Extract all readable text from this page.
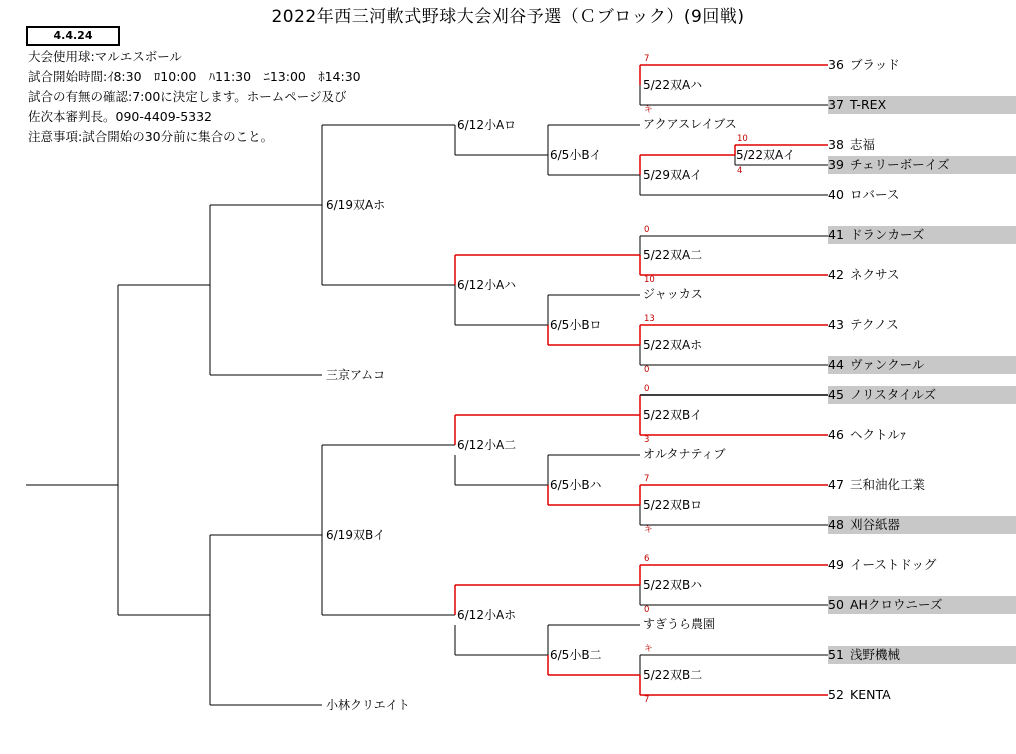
2022年西三河軟式野球大会刈谷予選（Ｃブロック）(9回戦)
4.4.24
大会使用球:マルエスボール
試合開始時間:ｲ8:30　ﾛ10:00　ﾊ11:30　ﾆ13:00　ﾎ14:30
試合の有無の確認:7:00に決定します。ホームページ及び
佐次本審判長。090-4409-5332
注意事項:試合開始の30分前に集合のこと。
36 ブラッド
37 T-REX
38 志福
39 チェリーボーイズ
40 ロバース
41 ドランカーズ
42 ネクサス
43 テクノス
44 ヴァンクール
45 ノリスタイルズ
46 ヘクトルｧ
47 三和油化工業
48 刈谷紙器
49 イーストドッグ
50 AHクロウニーズ
51 浅野機械
52 KENTA
アクアスレイブス
ジャッカス
オルタナティブ
すぎうら農園
三京アムコ
小林クリエイト
5/22双Aイ
5/22双Aハ
5/29双Aイ
5/22双A二
5/22双Aホ
5/22双Bイ
5/22双Bロ
5/22双Bハ
5/22双B二
6/5小Bイ
6/5小Bロ
6/5小Bハ
6/5小B二
6/12小Aロ
6/12小Aハ
6/12小A二
6/12小Aホ
6/19双Aホ
6/19双Bイ
7
キ
10
4
0
10
13
0
0
3
7
キ
6
0
キ
7
